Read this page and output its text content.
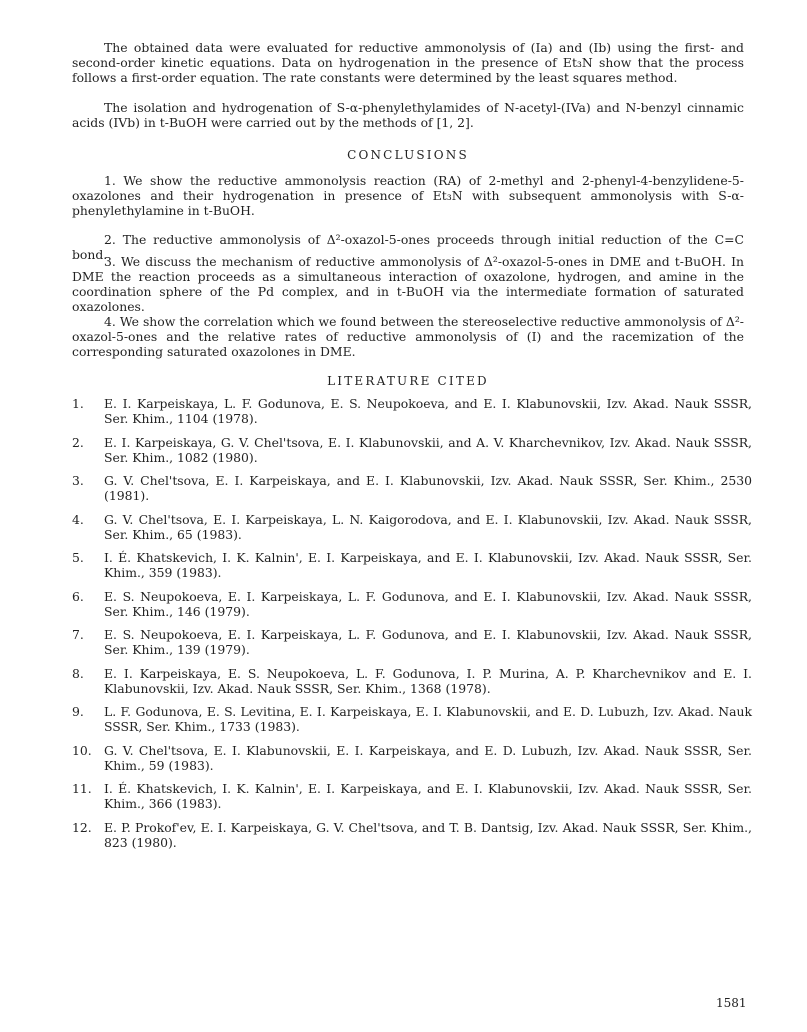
The obtained data were evaluated for reductive ammonolysis of (Ia) and (Ib) using the first- and second-order kinetic equations. Data on hydrogenation in the presence of Et₃N show that the process follows a first-order equation. The rate constants were determined by the least squares method.

The isolation and hydrogenation of S-α-phenylethylamides of N-acetyl-(IVa) and N-benzyl cinnamic acids (IVb) in t-BuOH were carried out by the methods of [1, 2].

CONCLUSIONS

1. We show the reductive ammonolysis reaction (RA) of 2-methyl and 2-phenyl-4-benzylidene-5-oxazolones and their hydrogenation in presence of Et₃N with subsequent ammonolysis with S-α-phenylethylamine in t-BuOH.

2. The reductive ammonolysis of Δ²-oxazol-5-ones proceeds through initial reduction of the C=C bond.

3. We discuss the mechanism of reductive ammonolysis of Δ²-oxazol-5-ones in DME and t-BuOH. In DME the reaction proceeds as a simultaneous interaction of oxazolone, hydrogen, and amine in the coordination sphere of the Pd complex, and in t-BuOH via the intermediate formation of saturated oxazolones.

4. We show the correlation which we found between the stereoselective reductive ammonolysis of Δ²-oxazol-5-ones and the relative rates of reductive ammonolysis of (I) and the racemization of the corresponding saturated oxazolones in DME.

LITERATURE CITED

1.	E. I. Karpeiskaya, L. F. Godunova, E. S. Neupokoeva, and E. I. Klabunovskii, Izv. Akad. Nauk SSSR, Ser. Khim., 1104 (1978).
2.	E. I. Karpeiskaya, G. V. Chel'tsova, E. I. Klabunovskii, and A. V. Kharchevnikov, Izv. Akad. Nauk SSSR, Ser. Khim., 1082 (1980).
3.	G. V. Chel'tsova, E. I. Karpeiskaya, and E. I. Klabunovskii, Izv. Akad. Nauk SSSR, Ser. Khim., 2530 (1981).
4.	G. V. Chel'tsova, E. I. Karpeiskaya, L. N. Kaigorodova, and E. I. Klabunovskii, Izv. Akad. Nauk SSSR, Ser. Khim., 65 (1983).
5.	I. É. Khatskevich, I. K. Kalnin', E. I. Karpeiskaya, and E. I. Klabunovskii, Izv. Akad. Nauk SSSR, Ser. Khim., 359 (1983).
6.	E. S. Neupokoeva, E. I. Karpeiskaya, L. F. Godunova, and E. I. Klabunovskii, Izv. Akad. Nauk SSSR, Ser. Khim., 146 (1979).
7.	E. S. Neupokoeva, E. I. Karpeiskaya, L. F. Godunova, and E. I. Klabunovskii, Izv. Akad. Nauk SSSR, Ser. Khim., 139 (1979).
8.	E. I. Karpeiskaya, E. S. Neupokoeva, L. F. Godunova, I. P. Murina, A. P. Kharchevnikov and E. I. Klabunovskii, Izv. Akad. Nauk SSSR, Ser. Khim., 1368 (1978).
9.	L. F. Godunova, E. S. Levitina, E. I. Karpeiskaya, E. I. Klabunovskii, and E. D. Lubuzh, Izv. Akad. Nauk SSSR, Ser. Khim., 1733 (1983).
10. G. V. Chel'tsova, E. I. Klabunovskii, E. I. Karpeiskaya, and E. D. Lubuzh, Izv. Akad. Nauk SSSR, Ser. Khim., 59 (1983).
11. I. É. Khatskevich, I. K. Kalnin', E. I. Karpeiskaya, and E. I. Klabunovskii, Izv. Akad. Nauk SSSR, Ser. Khim., 366 (1983).
12. E. P. Prokof'ev, E. I. Karpeiskaya, G. V. Chel'tsova, and T. B. Dantsig, Izv. Akad. Nauk SSSR, Ser. Khim., 823 (1980).
1581
